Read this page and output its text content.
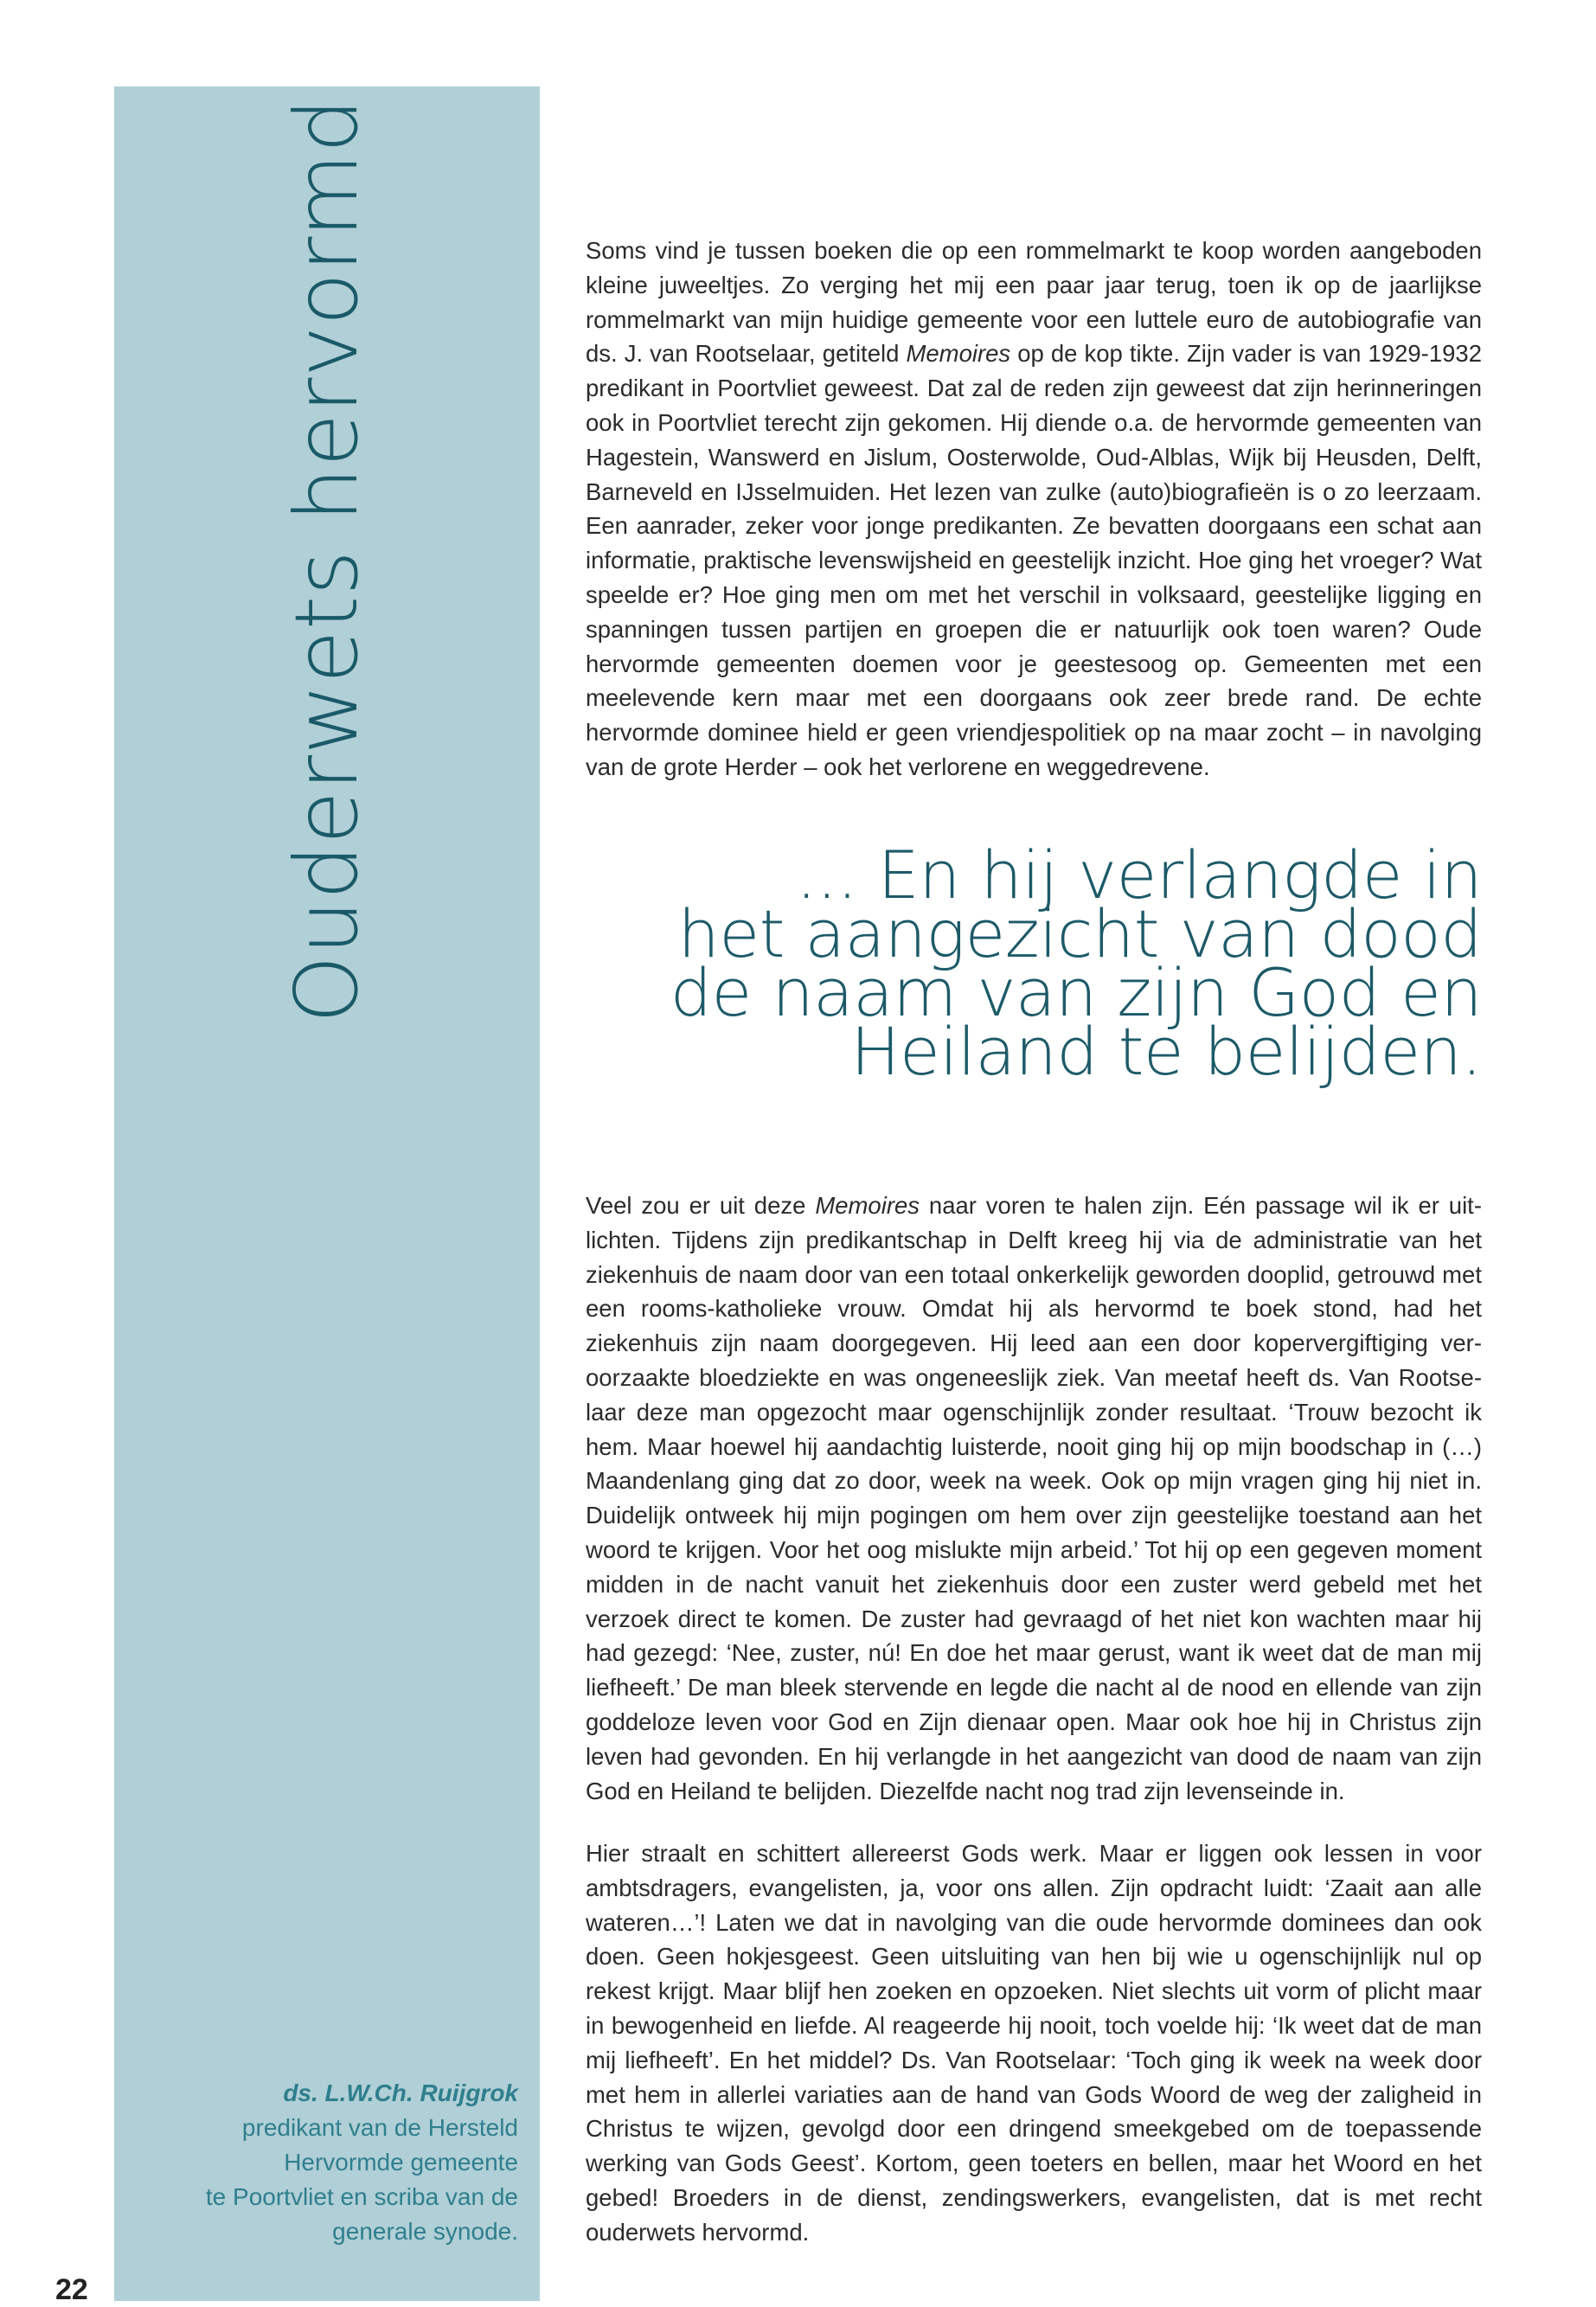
Ouderwets hervormd
ds. L.W.Ch. Ruijgrok
predikant van de Hersteld
Hervormde gemeente
te Poortvliet en scriba van de
generale synode.
22

Soms vind je tussen boeken die op een rommelmarkt te koop worden aangeboden kleine juweeltjes. Zo verging het mij een paar jaar terug, toen ik op de jaarlijkse rommelmarkt van mijn huidige gemeente voor een luttele euro de autobiografie van ds. J. van Rootselaar, getiteld Memoires op de kop tikte. Zijn vader is van 1929-1932 predikant in Poortvliet geweest. Dat zal de reden zijn geweest dat zijn herinneringen ook in Poortvliet terecht zijn gekomen. Hij diende o.a. de hervormde gemeenten van Hagestein, Wanswerd en Jislum, Oosterwolde, Oud-Alblas, Wijk bij Heusden, Delft, Barneveld en IJsselmuiden. Het lezen van zulke (auto)biografieën is o zo leerzaam. Een aanrader, zeker voor jonge predikanten. Ze bevatten doorgaans een schat aan informatie, praktische levenswijsheid en geestelijk inzicht. Hoe ging het vroeger? Wat speelde er? Hoe ging men om met het verschil in volksaard, geestelijke ligging en spanningen tussen partijen en groepen die er natuurlijk ook toen waren? Oude hervormde gemeenten doemen voor je geestesoog op. Gemeenten met een meelevende kern maar met een doorgaans ook zeer brede rand. De echte hervormde dominee hield er geen vriendjespolitiek op na maar zocht – in navolging van de grote Herder – ook het verlorene en weggedrevene.

... En hij verlangde in
het aangezicht van dood
de naam van zijn God en
Heiland te belijden.

Veel zou er uit deze Memoires naar voren te halen zijn. Eén passage wil ik er uitlichten. Tijdens zijn predikantschap in Delft kreeg hij via de administratie van het ziekenhuis de naam door van een totaal onkerkelijk geworden dooplid, getrouwd met een rooms-katholieke vrouw. Omdat hij als hervormd te boek stond, had het ziekenhuis zijn naam doorgegeven. Hij leed aan een door kopervergiftiging veroorzaakte bloedziekte en was ongeneeslijk ziek. Van meetaf heeft ds. Van Rootselaar deze man opgezocht maar ogenschijnlijk zonder resultaat. ‘Trouw bezocht ik hem. Maar hoewel hij aandachtig luisterde, nooit ging hij op mijn boodschap in (…) Maandenlang ging dat zo door, week na week. Ook op mijn vragen ging hij niet in. Duidelijk ontweek hij mijn pogingen om hem over zijn geestelijke toestand aan het woord te krijgen. Voor het oog mislukte mijn arbeid.’ Tot hij op een gegeven moment midden in de nacht vanuit het ziekenhuis door een zuster werd gebeld met het verzoek direct te komen. De zuster had gevraagd of het niet kon wachten maar hij had gezegd: ‘Nee, zuster, nú! En doe het maar gerust, want ik weet dat de man mij liefheeft.’ De man bleek stervende en legde die nacht al de nood en ellende van zijn goddeloze leven voor God en Zijn dienaar open. Maar ook hoe hij in Christus zijn leven had gevonden. En hij verlangde in het aangezicht van dood de naam van zijn God en Heiland te belijden. Diezelfde nacht nog trad zijn levenseinde in.

Hier straalt en schittert allereerst Gods werk. Maar er liggen ook lessen in voor ambtsdragers, evangelisten, ja, voor ons allen. Zijn opdracht luidt: ‘Zaait aan alle wateren…’! Laten we dat in navolging van die oude hervormde dominees dan ook doen. Geen hokjesgeest. Geen uitsluiting van hen bij wie u ogenschijnlijk nul op rekest krijgt. Maar blijf hen zoeken en opzoeken. Niet slechts uit vorm of plicht maar in bewogenheid en liefde. Al reageerde hij nooit, toch voelde hij: ‘Ik weet dat de man mij liefheeft’. En het middel? Ds. Van Rootselaar: ‘Toch ging ik week na week door met hem in allerlei variaties aan de hand van Gods Woord de weg der zaligheid in Christus te wijzen, gevolgd door een dringend smeekgebed om de toepassende werking van Gods Geest’. Kortom, geen toeters en bellen, maar het Woord en het gebed! Broeders in de dienst, zendingswerkers, evangelisten, dat is met recht ouderwets hervormd.
